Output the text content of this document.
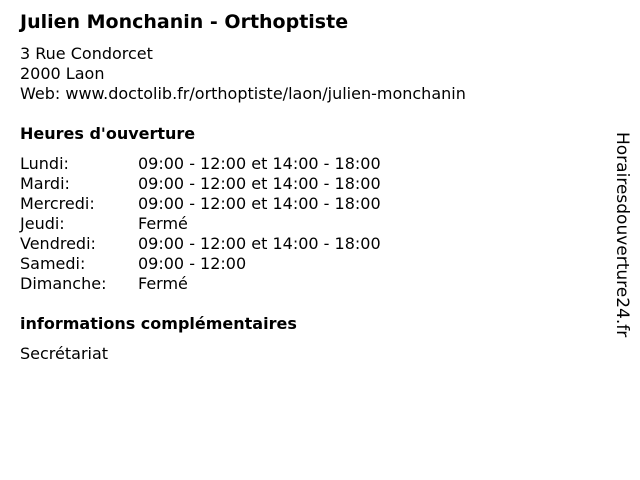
Julien Monchanin - Orthoptiste
3 Rue Condorcet
2000 Laon
Web: www.doctolib.fr/orthoptiste/laon/julien-monchanin
Heures d'ouverture
Lundi:	09:00 - 12:00 et 14:00 - 18:00
Mardi:	09:00 - 12:00 et 14:00 - 18:00
Mercredi:	09:00 - 12:00 et 14:00 - 18:00
Jeudi:	Fermé
Vendredi:	09:00 - 12:00 et 14:00 - 18:00
Samedi:	09:00 - 12:00
Dimanche: Fermé
informations complémentaires
Secrétariat
Horairesdouverture24.fr
